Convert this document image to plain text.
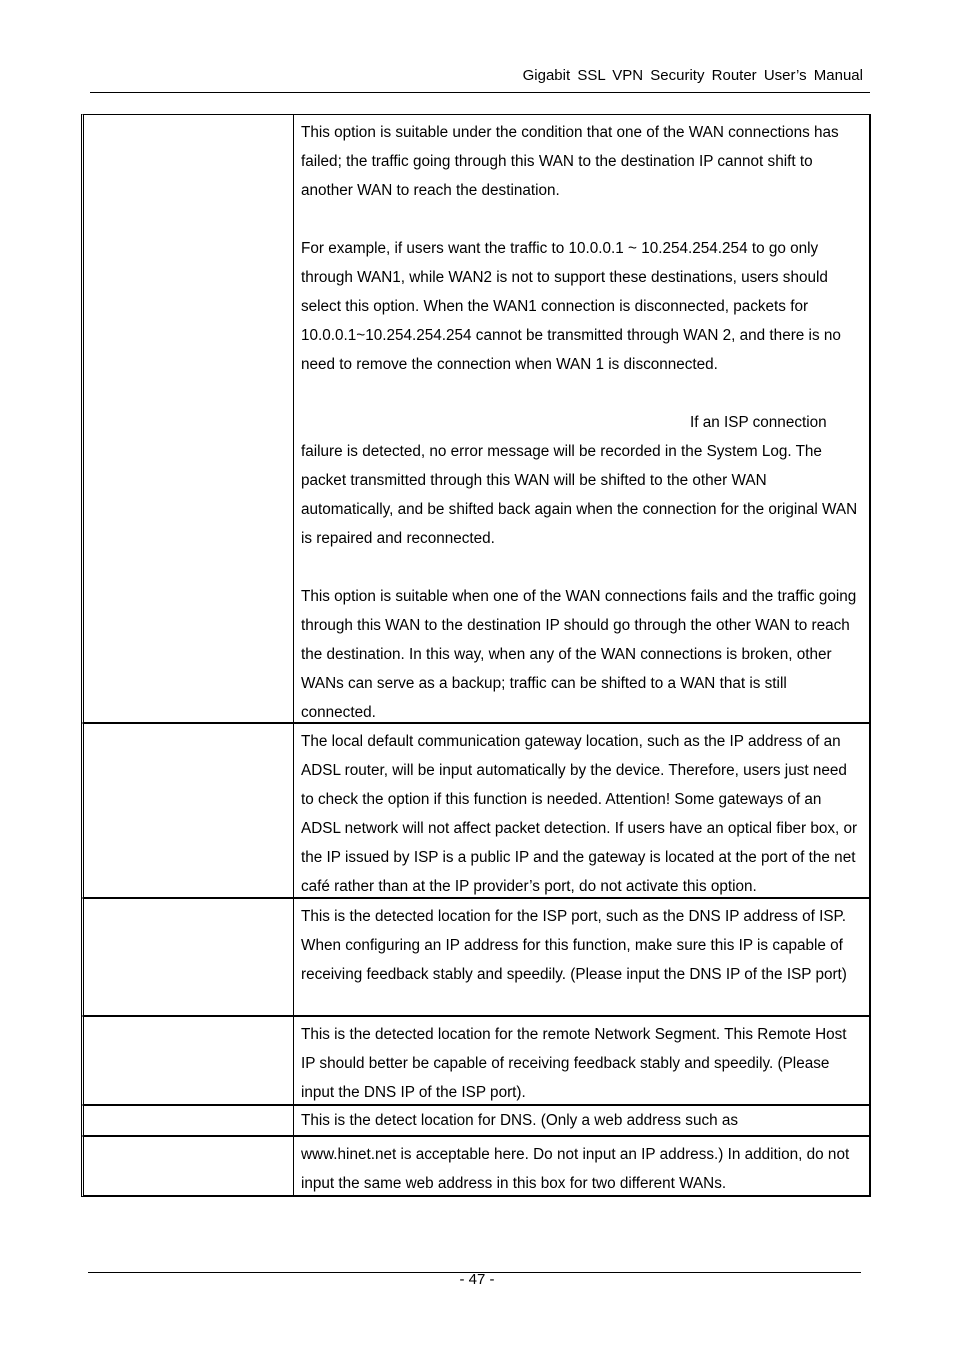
Gigabit SSL VPN Security Router User’s Manual

This option is suitable under the condition that one of the WAN connections has failed; the traffic going through this WAN to the destination IP cannot shift to another WAN to reach the destination.

For example, if users want the traffic to 10.0.0.1 ~ 10.254.254.254 to go only through WAN1, while WAN2 is not to support these destinations, users should select this option. When the WAN1 connection is disconnected, packets for 10.0.0.1~10.254.254.254 cannot be transmitted through WAN 2, and there is no need to remove the connection when WAN 1 is disconnected.

If an ISP connection

failure is detected, no error message will be recorded in the System Log. The packet transmitted through this WAN will be shifted to the other WAN automatically, and be shifted back again when the connection for the original WAN is repaired and reconnected.

This option is suitable when one of the WAN connections fails and the traffic going through this WAN to the destination IP should go through the other WAN to reach the destination. In this way, when any of the WAN connections is broken, other WANs can serve as a backup; traffic can be shifted to a WAN that is still connected.

The local default communication gateway location, such as the IP address of an ADSL router, will be input automatically by the device. Therefore, users just need to check the option if this function is needed. Attention! Some gateways of an ADSL network will not affect packet detection. If users have an optical fiber box, or the IP issued by ISP is a public IP and the gateway is located at the port of the net café rather than at the IP provider’s port, do not activate this option.

This is the detected location for the ISP port, such as the DNS IP address of ISP. When configuring an IP address for this function, make sure this IP is capable of receiving feedback stably and speedily. (Please input the DNS IP of the ISP port)

This is the detected location for the remote Network Segment. This Remote Host IP should better be capable of receiving feedback stably and speedily. (Please input the DNS IP of the ISP port).

This is the detect location for DNS. (Only a web address such as

www.hinet.net is acceptable here. Do not input an IP address.) In addition, do not input the same web address in this box for two different WANs.

- 47 -
